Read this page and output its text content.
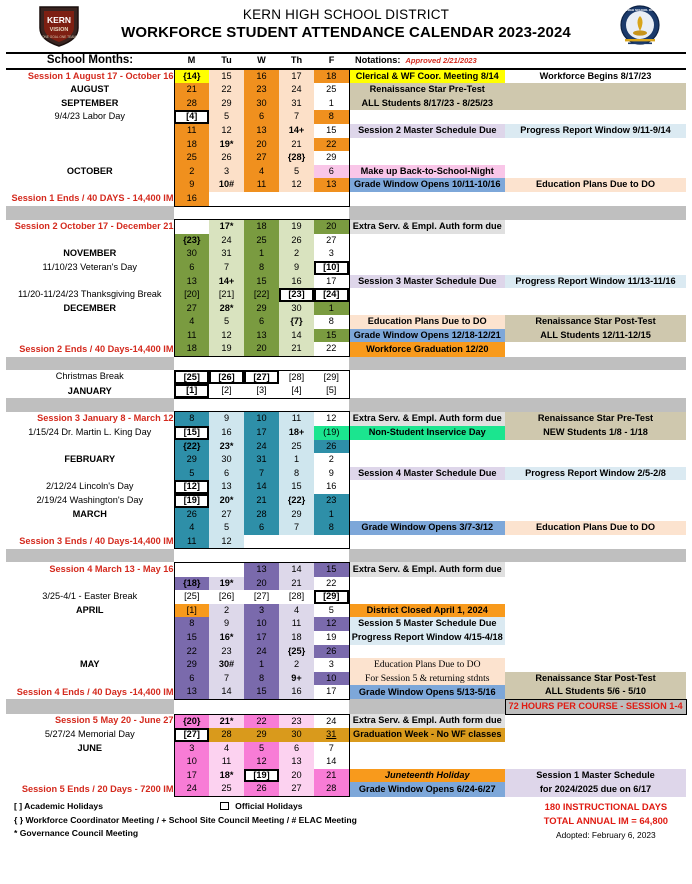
KERN
VISION
ONE GOAL ONE TEAM
KERN HIGH SCHOOL DISTRICT
WORKFORCE STUDENT ATTENDANCE CALENDAR 2023-2024
KERN HIGH SCHOOL DISTRICT
School Months:	M	Tu	W	Th	F	Notations: Approved 2/21/2023	
Session 1 August 17 - October 16	{14}	15	16	17	18	Clerical & WF Coor. Meeting 8/14	Workforce Begins 8/17/23
AUGUST	21	22	23	24	25	Renaissance Star Pre-Test	
SEPTEMBER	28	29	30	31	1	ALL Students 8/17/23 - 8/25/23	
9/4/23 Labor Day	[4]	5	6	7	8		
	11	12	13	14+	15	Session 2 Master Schedule Due	Progress Report Window 9/11-9/14
	18	19*	20	21	22		
	25	26	27	{28}	29		
OCTOBER	2	3	4	5	6	Make up Back-to-School-Night	
	9	10#	11	12	13	Grade Window Opens 10/11-10/16	Education Plans Due to DO
Session 1 Ends / 40 DAYS - 14,400 IM	16						

Session 2 October 17 - December 21		17*	18	19	20	Extra Serv. & Empl. Auth form due	
	{23}	24	25	26	27		
NOVEMBER	30	31	1	2	3		
11/10/23 Veteran's Day	6	7	8	9	[10]		
	13	14+	15	16	17	Session 3 Master Schedule Due	Progress Report Window 11/13-11/16
11/20-11/24/23 Thanksgiving Break	[20]	[21]	[22]	[23]	[24]		
DECEMBER	27	28*	29	30	1		
	4	5	6	{7}	8	Education Plans Due to DO	Renaissance Star Post-Test
	11	12	13	14	15	Grade Window Opens 12/18-12/21	ALL Students 12/11-12/15
Session 2 Ends / 40 Days-14,400 IM	18	19	20	21	22	Workforce Graduation 12/20	

Christmas Break	[25]	[26]	[27]	[28]	[29]		
JANUARY	[1]	[2]	[3]	[4]	[5]		

Session 3 January 8 - March 12	8	9	10	11	12	Extra Serv. & Empl. Auth form due	Renaissance Star Pre-Test
1/15/24 Dr. Martin L. King Day	[15]	16	17	18+	(19)	Non-Student Inservice Day	NEW Students 1/8 - 1/18
	{22}	23*	24	25	26		
FEBRUARY	29	30	31	1	2		
	5	6	7	8	9	Session 4 Master Schedule Due	Progress Report Window 2/5-2/8
2/12/24 Lincoln's Day	[12]	13	14	15	16		
2/19/24 Washington's Day	[19]	20*	21	{22}	23		
MARCH	26	27	28	29	1		
	4	5	6	7	8	Grade Window Opens 3/7-3/12	Education Plans Due to DO
Session 3 Ends / 40 Days-14,400 IM	11	12					

Session 4 March 13 - May 16			13	14	15	Extra Serv. & Empl. Auth form due	
	{18}	19*	20	21	22		
3/25-4/1 - Easter Break	[25]	[26]	[27]	[28]	[29]		
APRIL	[1]	2	3	4	5	District Closed April 1, 2024	
	8	9	10	11	12	Session 5 Master Schedule Due	
	15	16*	17	18	19	Progress Report Window 4/15-4/18	
	22	23	24	{25}	26		
MAY	29	30#	1	2	3	Education Plans Due to DO	
	6	7	8	9+	10	For Session 5 & returning stdnts	Renaissance Star Post-Test
Session 4 Ends / 40 Days -14,400 IM	13	14	15	16	17	Grade Window Opens 5/13-5/16	ALL Students 5/6 - 5/10
							72 HOURS PER COURSE - SESSION 1-4
Session 5 May 20 - June 27	{20}	21*	22	23	24	Extra Serv. & Empl. Auth form due	
5/27/24 Memorial Day	[27]	28	29	30	31	Graduation Week - No WF classes	
JUNE	3	4	5	6	7		
	10	11	12	13	14		
	17	18*	[19]	20	21	Juneteenth Holiday	Session 1 Master Schedule
Session 5 Ends / 20 Days - 7200 IM	24	25	26	27	28	Grade Window Opens 6/24-6/27	for 2024/2025 due on 6/17
[ ] Academic Holidays	Official Holidays
{ } Workforce Coordinator Meeting / + School Site Council Meeting / # ELAC Meeting
* Governance Council Meeting
180 INSTRUCTIONAL DAYS
TOTAL ANNUAL IM = 64,800
Adopted: February 6, 2023
